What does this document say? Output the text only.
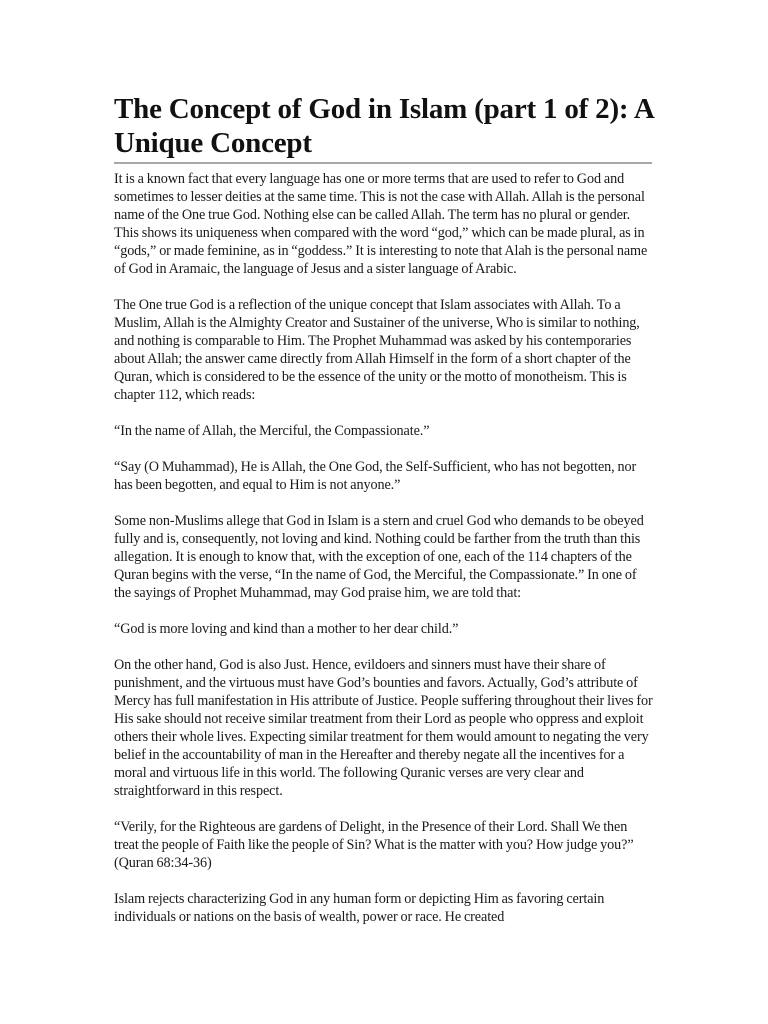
The Concept of God in Islam (part 1 of 2): A Unique Concept

It is a known fact that every language has one or more terms that are used to refer to God and sometimes to lesser deities at the same time. This is not the case with Allah. Allah is the personal name of the One true God. Nothing else can be called Allah. The term has no plural or gender. This shows its uniqueness when compared with the word “god,” which can be made plural, as in “gods,” or made feminine, as in “goddess.” It is interesting to note that Alah is the personal name of God in Aramaic, the language of Jesus and a sister language of Arabic.

The One true God is a reflection of the unique concept that Islam associates with Allah. To a Muslim, Allah is the Almighty Creator and Sustainer of the universe, Who is similar to nothing, and nothing is comparable to Him. The Prophet Muhammad was asked by his contemporaries about Allah; the answer came directly from Allah Himself in the form of a short chapter of the Quran, which is considered to be the essence of the unity or the motto of monotheism. This is chapter 112, which reads:

“In the name of Allah, the Merciful, the Compassionate.”

“Say (O Muhammad), He is Allah, the One God, the Self-Sufficient, who has not begotten, nor has been begotten, and equal to Him is not anyone.”

Some non-Muslims allege that God in Islam is a stern and cruel God who demands to be obeyed fully and is, consequently, not loving and kind. Nothing could be farther from the truth than this allegation. It is enough to know that, with the exception of one, each of the 114 chapters of the Quran begins with the verse, “In the name of God, the Merciful, the Compassionate.” In one of the sayings of Prophet Muhammad, may God praise him, we are told that:

“God is more loving and kind than a mother to her dear child.”

On the other hand, God is also Just. Hence, evildoers and sinners must have their share of punishment, and the virtuous must have God’s bounties and favors. Actually, God’s attribute of Mercy has full manifestation in His attribute of Justice. People suffering throughout their lives for His sake should not receive similar treatment from their Lord as people who oppress and exploit others their whole lives. Expecting similar treatment for them would amount to negating the very belief in the accountability of man in the Hereafter and thereby negate all the incentives for a moral and virtuous life in this world. The following Quranic verses are very clear and straightforward in this respect.

“Verily, for the Righteous are gardens of Delight, in the Presence of their Lord. Shall We then treat the people of Faith like the people of Sin? What is the matter with you? How judge you?” (Quran 68:34-36)

Islam rejects characterizing God in any human form or depicting Him as favoring certain individuals or nations on the basis of wealth, power or race. He created
